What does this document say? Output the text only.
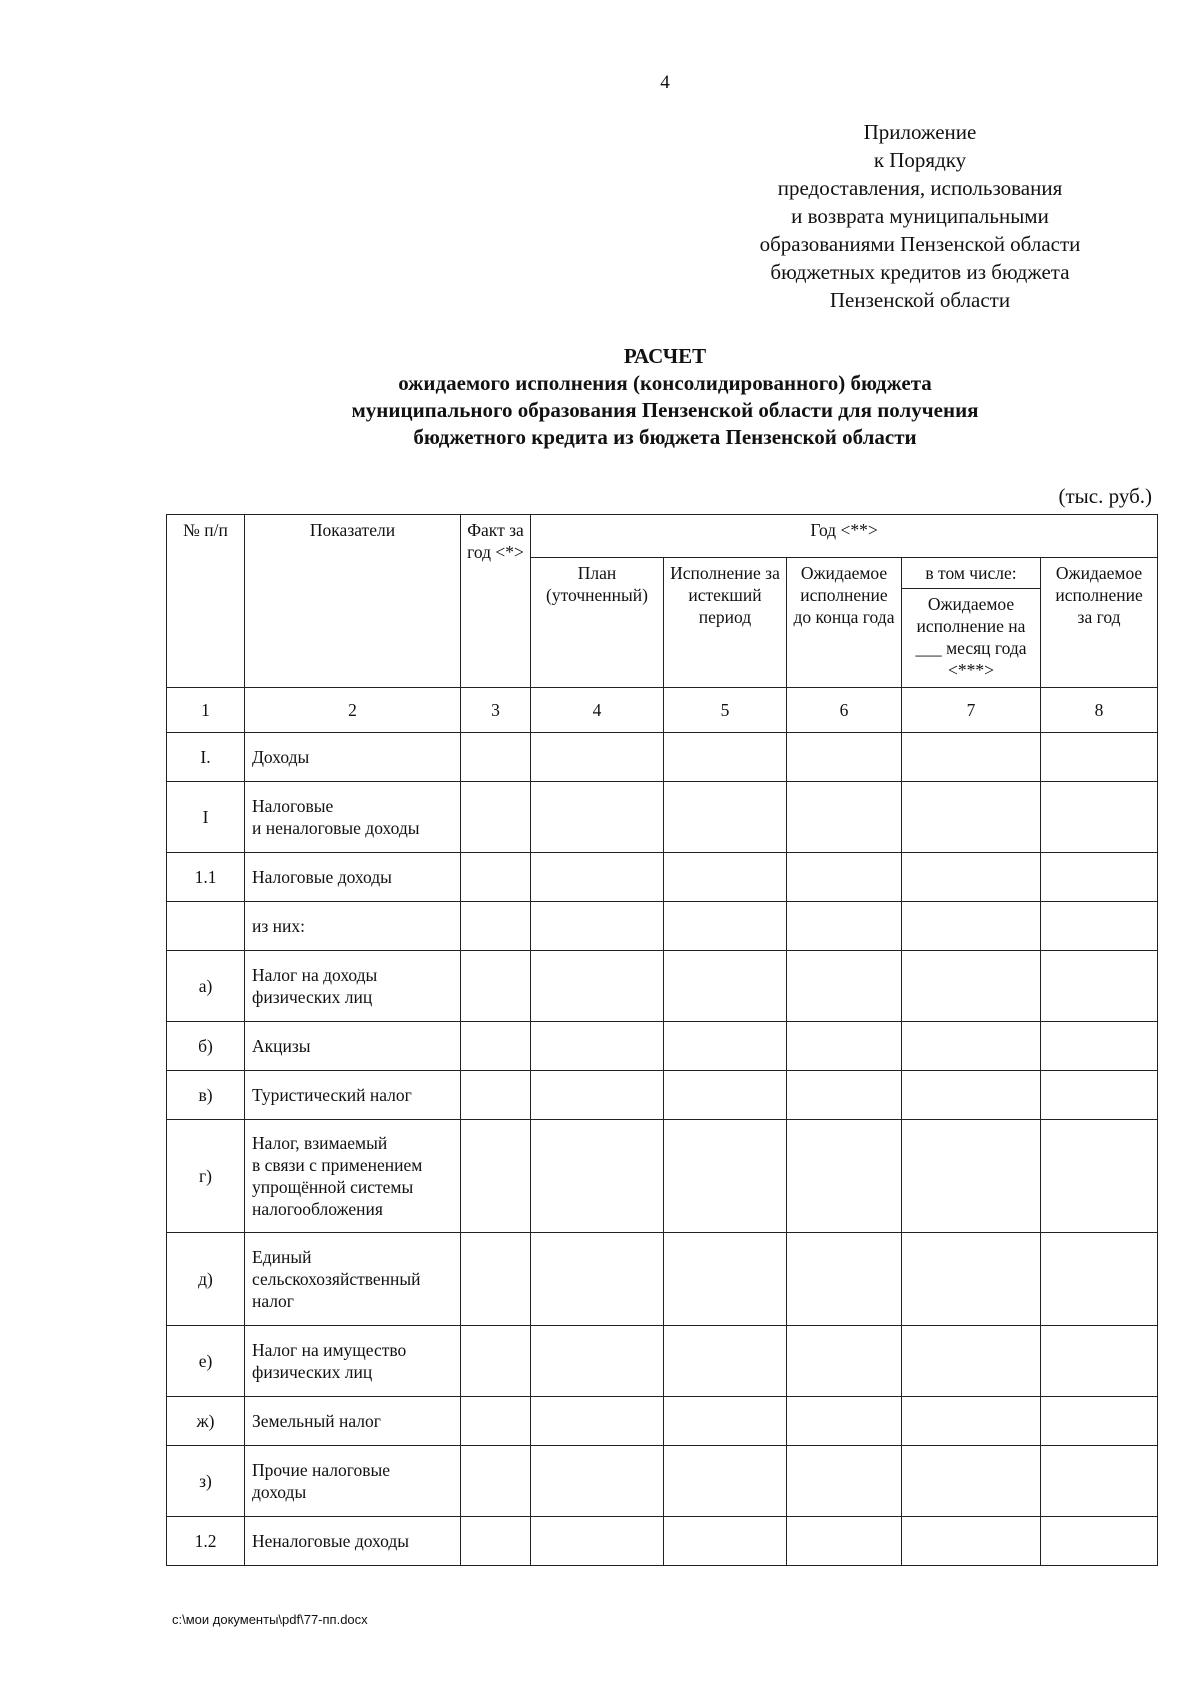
4
Приложение
к Порядку
предоставления, использования
и возврата муниципальными
образованиями Пензенской области
бюджетных кредитов из бюджета
Пензенской области
РАСЧЕТ
ожидаемого исполнения (консолидированного) бюджета
муниципального образования Пензенской области для получения
бюджетного кредита из бюджета Пензенской области
(тыс. руб.)
№ п/п	Показатели	Факт за год <*>	Год <**>				
			План (уточненный)	Исполнение за истекший период	Ожидаемое исполнение до конца года	в том числе:	Ожидаемое исполнение за год
						Ожидаемое исполнение на ___ месяц года <***>	
1	2	3	4	5	6	7	8
I.	Доходы						
I	Налоговые
и неналоговые доходы						
1.1	Налоговые доходы						
	из них:						
а)	Налог на доходы
физических лиц						
б)	Акцизы						
в)	Туристический налог						
г)	Налог, взимаемый
в связи с применением
упрощённой системы
налогообложения						
д)	Единый
сельскохозяйственный
налог						
е)	Налог на имущество
физических лиц						
ж)	Земельный налог						
з)	Прочие налоговые
доходы						
1.2	Неналоговые доходы						
c:\мои документы\pdf\77-пп.docx
